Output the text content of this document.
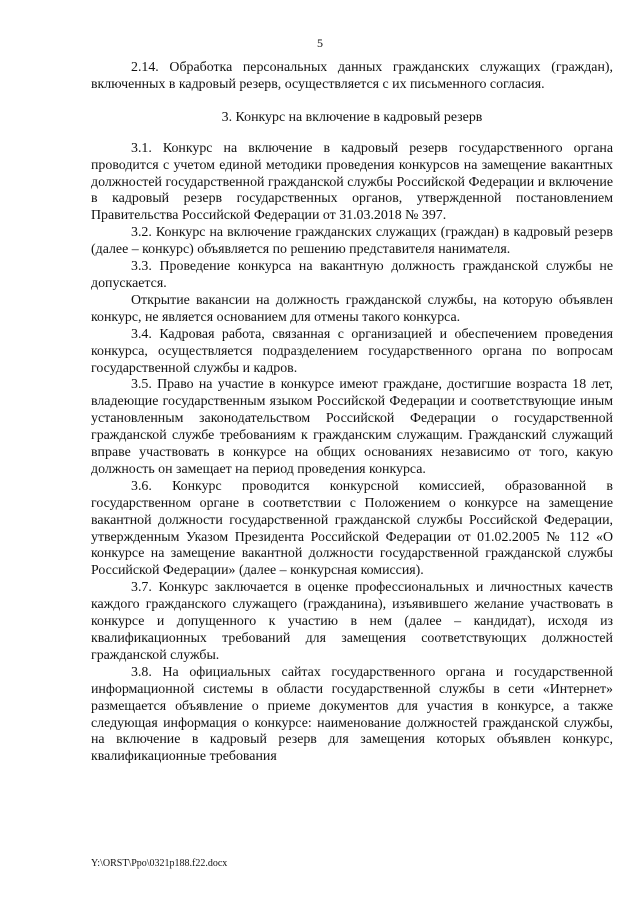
5

2.14. Обработка персональных данных гражданских служащих (граждан), включенных в кадровый резерв, осуществляется с их письменного согласия.

3. Конкурс на включение в кадровый резерв

3.1. Конкурс на включение в кадровый резерв государственного органа проводится с учетом единой методики проведения конкурсов на замещение вакантных должностей государственной гражданской службы Российской Федерации и включение в кадровый резерв государственных органов, утвержденной постановлением Правительства Российской Федерации от 31.03.2018 № 397.

3.2. Конкурс на включение гражданских служащих (граждан) в кадровый резерв (далее – конкурс) объявляется по решению представителя нанимателя.

3.3. Проведение конкурса на вакантную должность гражданской службы не допускается.

Открытие вакансии на должность гражданской службы, на которую объявлен конкурс, не является основанием для отмены такого конкурса.

3.4. Кадровая работа, связанная с организацией и обеспечением проведения конкурса, осуществляется подразделением государственного органа по вопросам государственной службы и кадров.

3.5. Право на участие в конкурсе имеют граждане, достигшие возраста 18 лет, владеющие государственным языком Российской Федерации и соответствующие иным установленным законодательством Российской Федерации о государственной гражданской службе требованиям к гражданским служащим. Гражданский служащий вправе участвовать в конкурсе на общих основаниях независимо от того, какую должность он замещает на период проведения конкурса.

3.6. Конкурс проводится конкурсной комиссией, образованной в государственном органе в соответствии с Положением о конкурсе на замещение вакантной должности государственной гражданской службы Российской Федерации, утвержденным Указом Президента Российской Федерации от 01.02.2005 № 112 «О конкурсе на замещение вакантной должности государственной гражданской службы Российской Федерации» (далее – конкурсная комиссия).

3.7. Конкурс заключается в оценке профессиональных и личностных качеств каждого гражданского служащего (гражданина), изъявившего желание участвовать в конкурсе и допущенного к участию в нем (далее – кандидат), исходя из квалификационных требований для замещения соответствующих должностей гражданской службы.

3.8. На официальных сайтах государственного органа и государственной информационной системы в области государственной службы в сети «Интернет» размещается объявление о приеме документов для участия в конкурсе, а также следующая информация о конкурсе: наименование должностей гражданской службы, на включение в кадровый резерв для замещения которых объявлен конкурс, квалификационные требования

Y:\ORST\Ppo\0321p188.f22.docx
